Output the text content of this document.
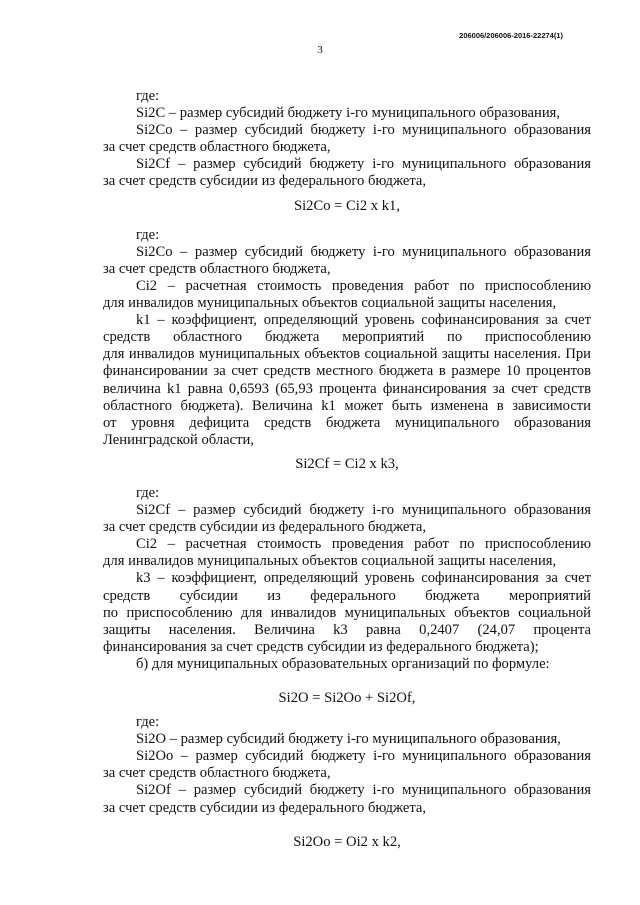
206006/206006-2016-22274(1)
3
где:
Si2C – размер субсидий бюджету i-го муниципального образования,
Si2Co – размер субсидий бюджету i-го муниципального образования
за счет средств областного бюджета,
Si2Cf – размер субсидий бюджету i-го муниципального образования
за счет средств субсидии из федерального бюджета,
Si2Co = Ci2 x k1,
где:
Si2Co – размер субсидий бюджету i-го муниципального образования
за счет средств областного бюджета,
Ci2 – расчетная стоимость проведения работ по приспособлению
для инвалидов муниципальных объектов социальной защиты населения,
k1 – коэффициент, определяющий уровень софинансирования за счет
средств областного бюджета мероприятий по приспособлению
для инвалидов муниципальных объектов социальной защиты населения. При
финансировании за счет средств местного бюджета в размере 10 процентов
величина k1 равна 0,6593 (65,93 процента финансирования за счет средств
областного бюджета). Величина k1 может быть изменена в зависимости
от уровня дефицита средств бюджета муниципального образования
Ленинградской области,
Si2Cf = Ci2 x k3,
где:
Si2Cf – размер субсидий бюджету i-го муниципального образования
за счет средств субсидии из федерального бюджета,
Ci2 – расчетная стоимость проведения работ по приспособлению
для инвалидов муниципальных объектов социальной защиты населения,
k3 – коэффициент, определяющий уровень софинансирования за счет
средств субсидии из федерального бюджета мероприятий
по приспособлению для инвалидов муниципальных объектов социальной
защиты населения. Величина k3 равна 0,2407 (24,07 процента
финансирования за счет средств субсидии из федерального бюджета);
б) для муниципальных образовательных организаций по формуле:
Si2O = Si2Oo + Si2Of,
где:
Si2O – размер субсидий бюджету i-го муниципального образования,
Si2Oo – размер субсидий бюджету i-го муниципального образования
за счет средств областного бюджета,
Si2Of – размер субсидий бюджету i-го муниципального образования
за счет средств субсидии из федерального бюджета,
Si2Oo = Oi2 x k2,
